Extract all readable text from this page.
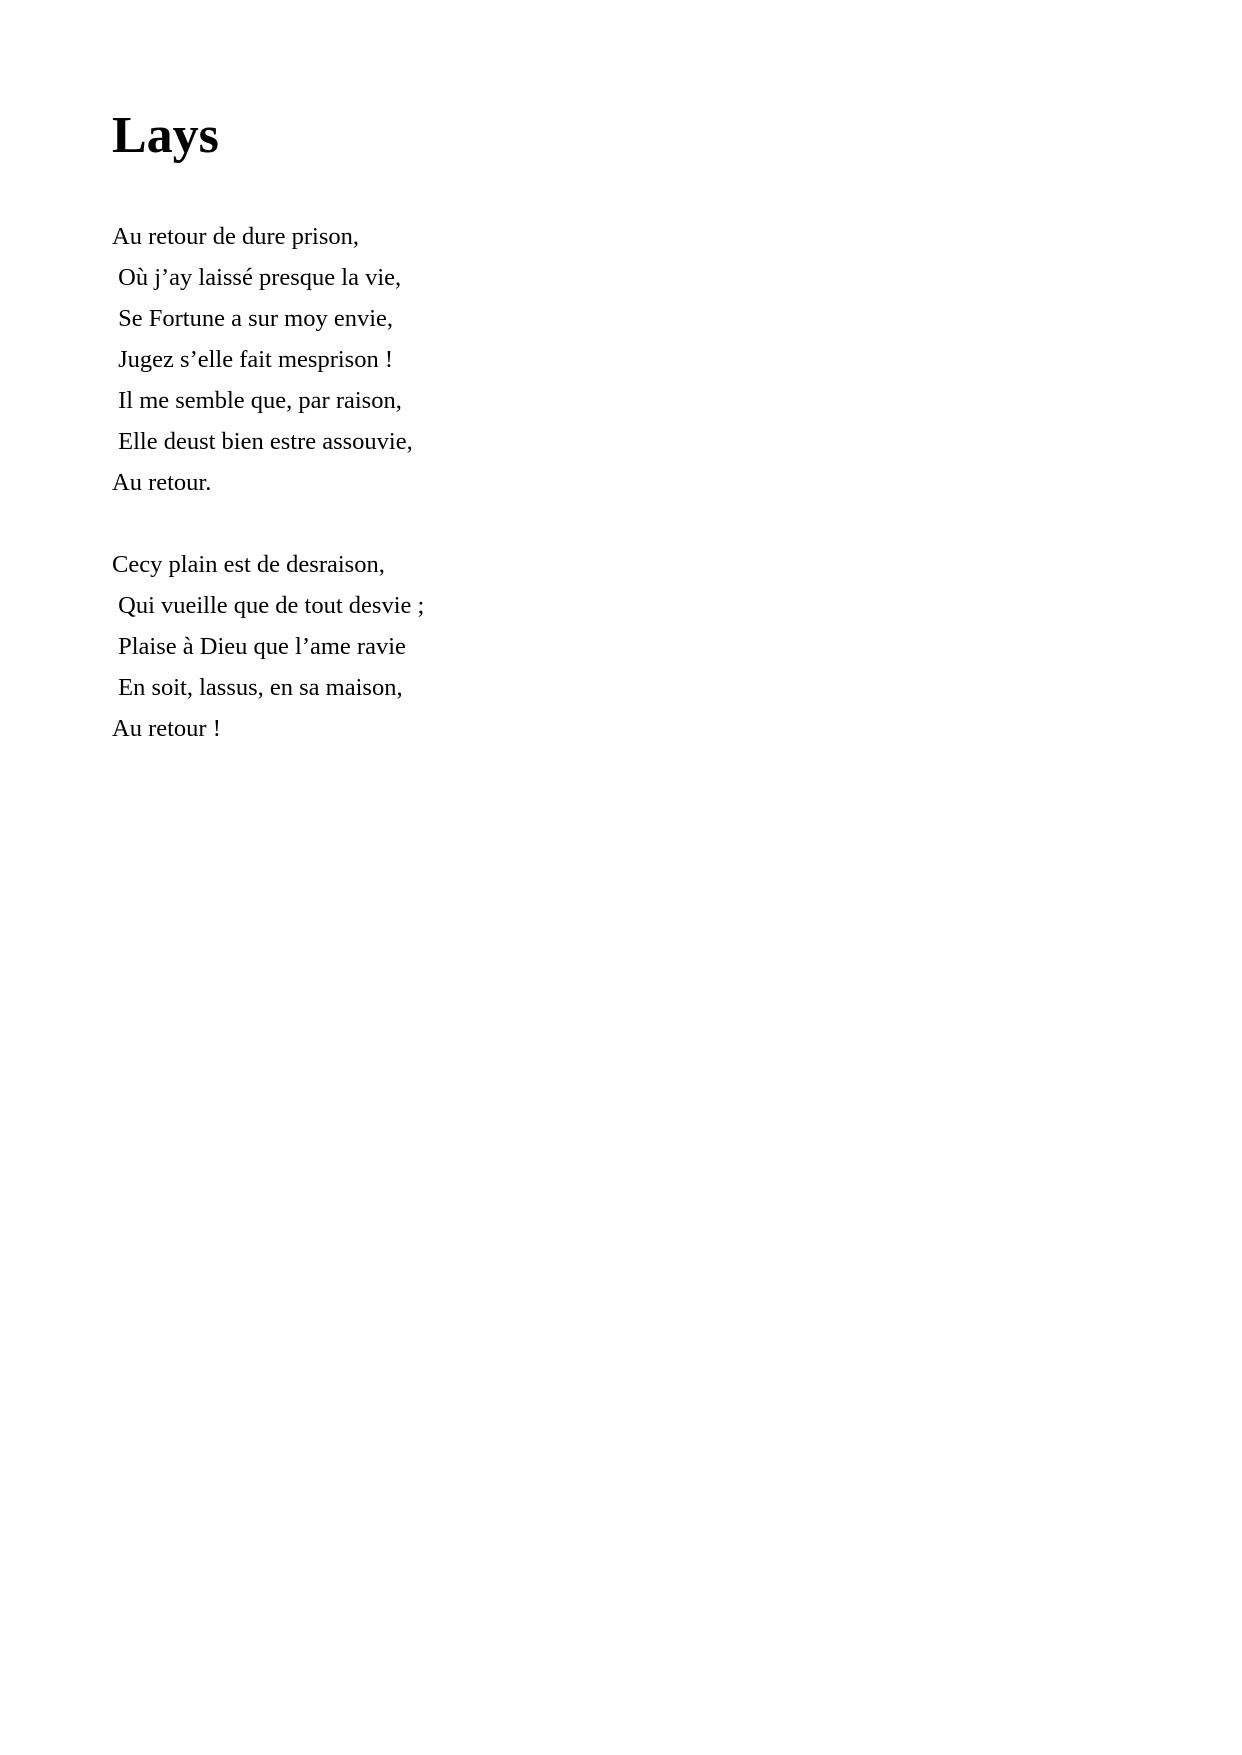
Lays
Au retour de dure prison,
Où j’ay laissé presque la vie,
Se Fortune a sur moy envie,
Jugez s’elle fait mesprison !
Il me semble que, par raison,
Elle deust bien estre assouvie,
Au retour.
Cecy plain est de desraison,
Qui vueille que de tout desvie ;
Plaise à Dieu que l’ame ravie
En soit, lassus, en sa maison,
Au retour !
